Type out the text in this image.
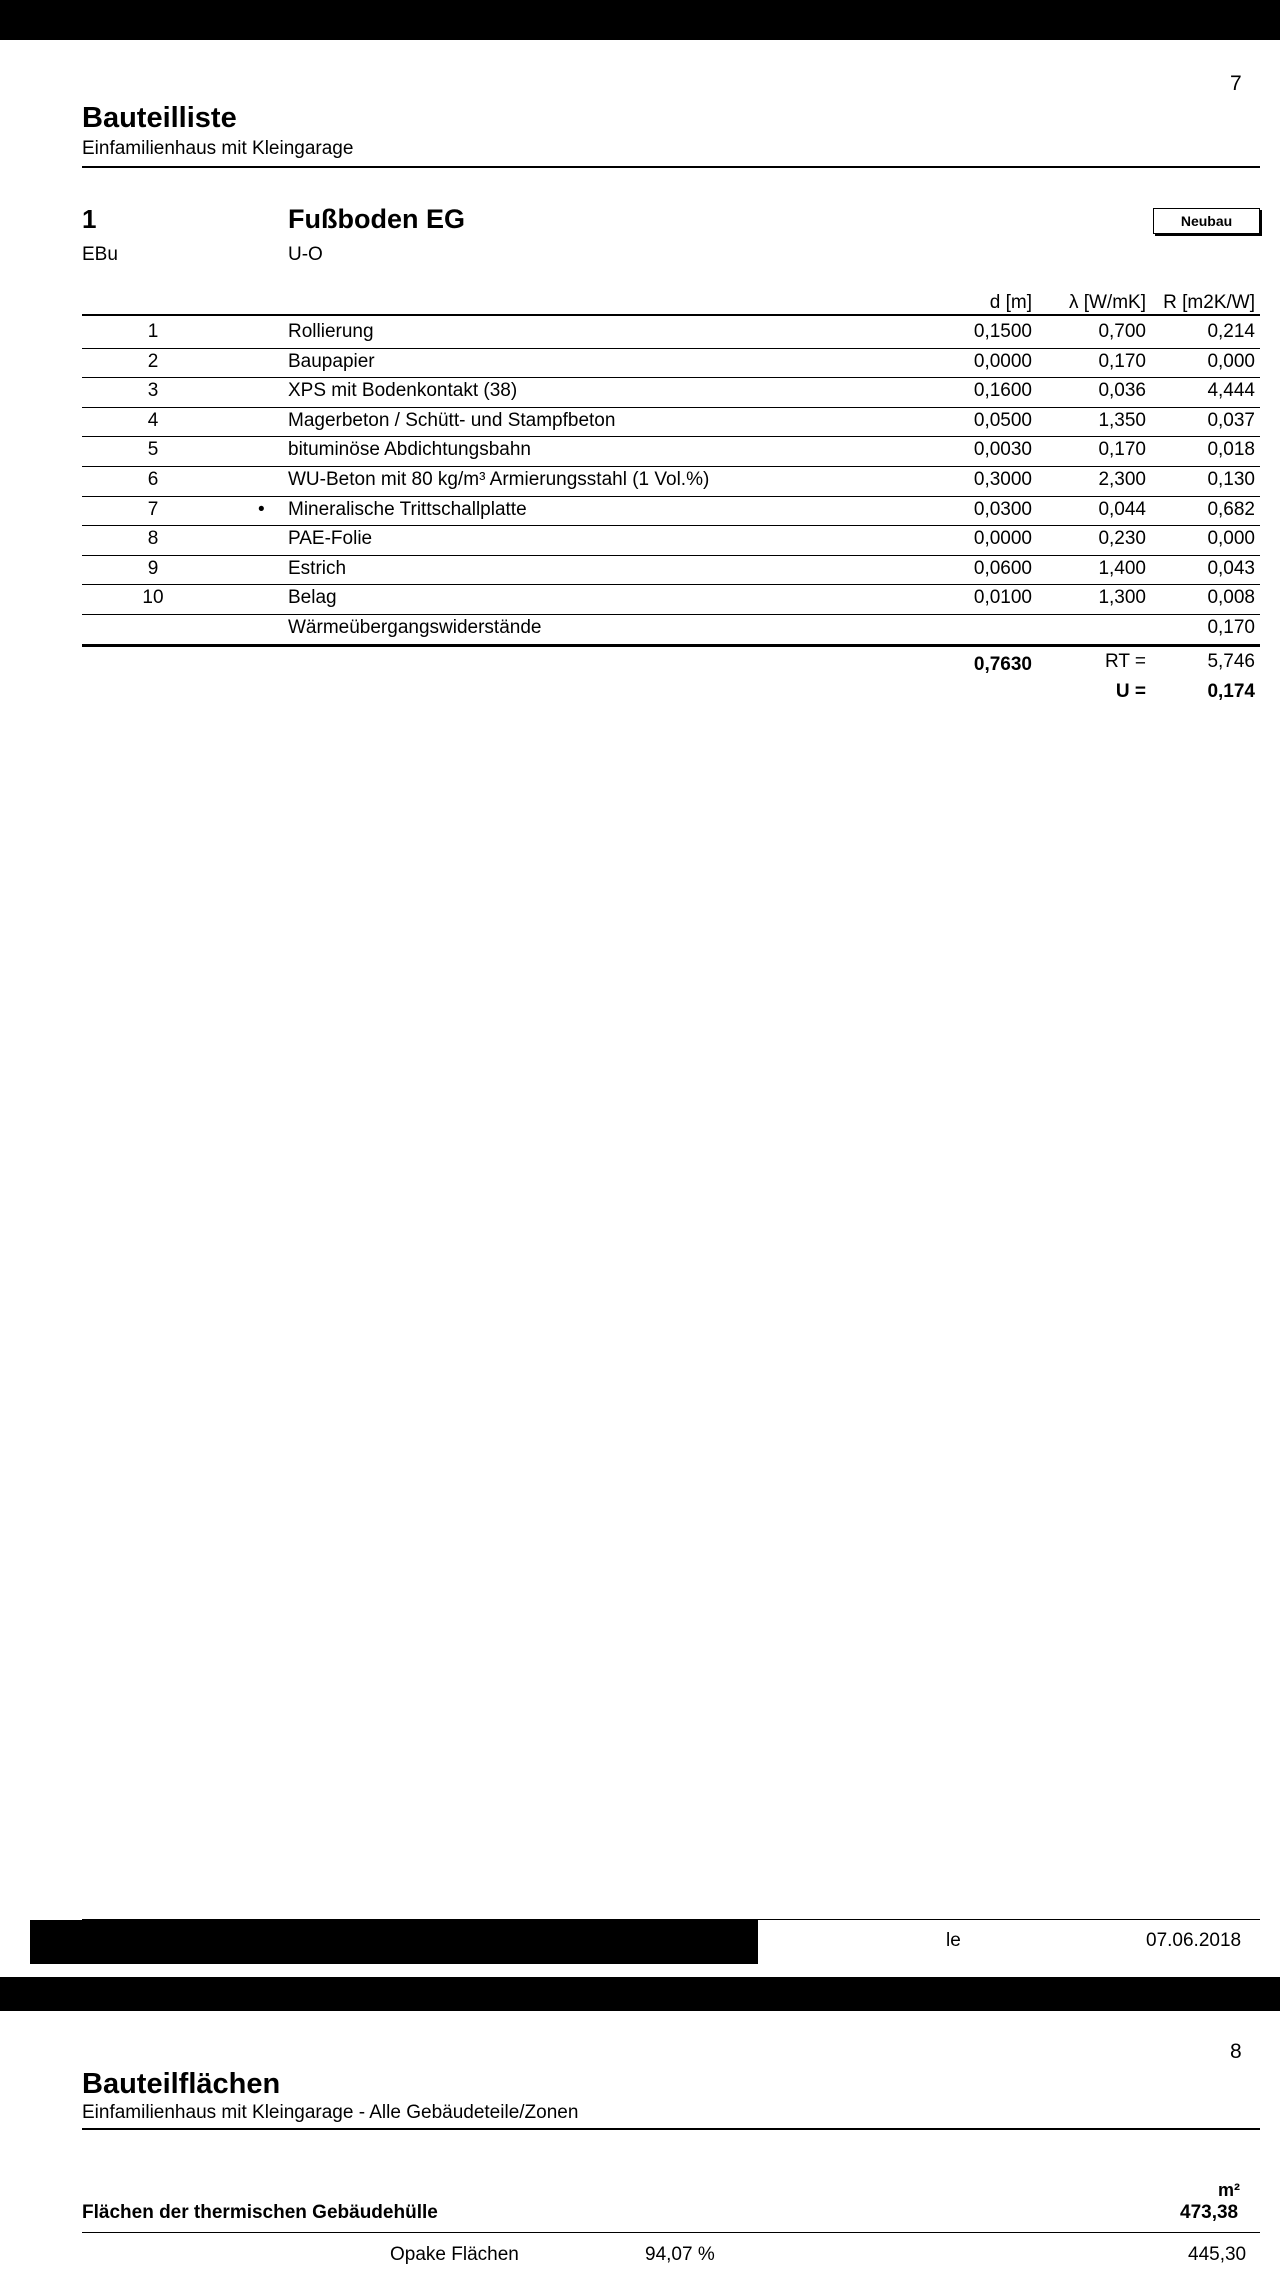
7
Bauteilliste
Einfamilienhaus mit Kleingarage
1	Fußboden EG	Neubau
EBu	U-O
d [m]	λ [W/mK] R [m2K/W]
1	Rollierung	0,1500	0,700	0,214
2	Baupapier	0,0000	0,170	0,000
3	XPS mit Bodenkontakt (38)	0,1600	0,036	4,444
4	Magerbeton / Schütt- und Stampfbeton	0,0500	1,350	0,037
5	bituminöse Abdichtungsbahn	0,0030	0,170	0,018
6	WU-Beton mit 80 kg/m³ Armierungsstahl (1 Vol.%)	0,3000	2,300	0,130
7	•	Mineralische Trittschallplatte	0,0300	0,044	0,682
8	PAE-Folie	0,0000	0,230	0,000
9	Estrich	0,0600	1,400	0,043
10	Belag	0,0100	1,300	0,008
Wärmeübergangswiderstände	0,170
0,7630	RT =	5,746
U =	0,174
le	07.06.2018
8
Bauteilflächen
Einfamilienhaus mit Kleingarage - Alle Gebäudeteile/Zonen
m²
Flächen der thermischen Gebäudehülle	473,38
Opake Flächen	94,07 %	445,30
